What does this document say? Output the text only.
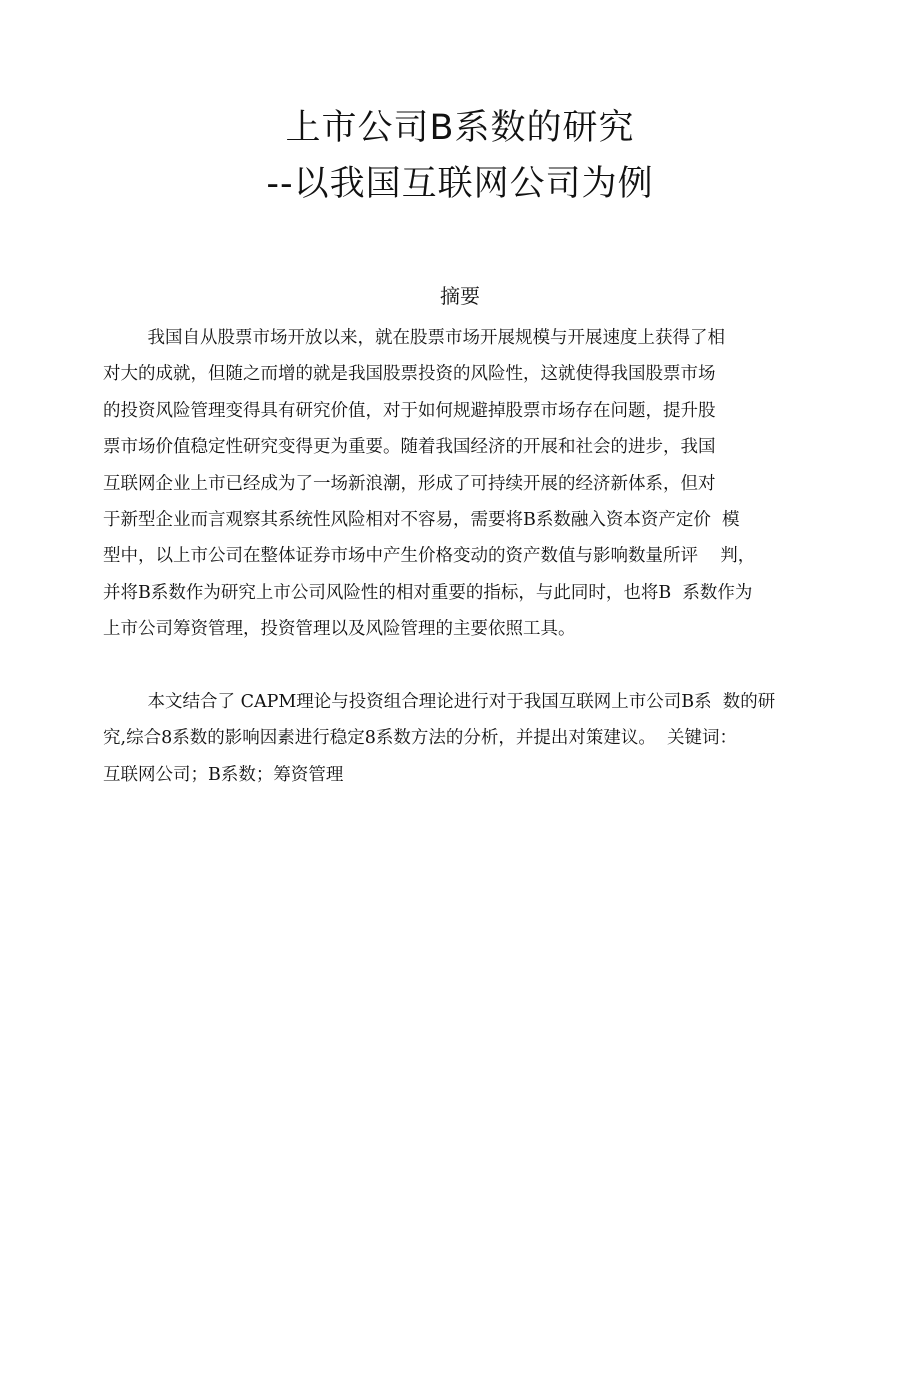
上市公司B系数的研究
--以我国互联网公司为例
摘要
我国自从股票市场开放以来，就在股票市场开展规模与开展速度上获得了相
对大的成就，但随之而增的就是我国股票投资的风险性，这就使得我国股票市场
的投资风险管理变得具有研究价值，对于如何规避掉股票市场存在问题，提升股
票市场价值稳定性研究变得更为重要。随着我国经济的开展和社会的进步，我国
互联网企业上市已经成为了一场新浪潮，形成了可持续开展的经济新体系，但对
于新型企业而言观察其系统性风险相对不容易，需要将B系数融入资本资产定价  模
型中，以上市公司在整体证券市场中产生价格变动的资产数值与影响数量所评    判，
并将B系数作为研究上市公司风险性的相对重要的指标，与此同时，也将B  系数作为
上市公司筹资管理，投资管理以及风险管理的主要依照工具。
本文结合了 CAPM理论与投资组合理论进行对于我国互联网上市公司B系  数的研
究,综合8系数的影响因素进行稳定8系数方法的分析，并提出对策建议。  关键词：
互联网公司；B系数；筹资管理
